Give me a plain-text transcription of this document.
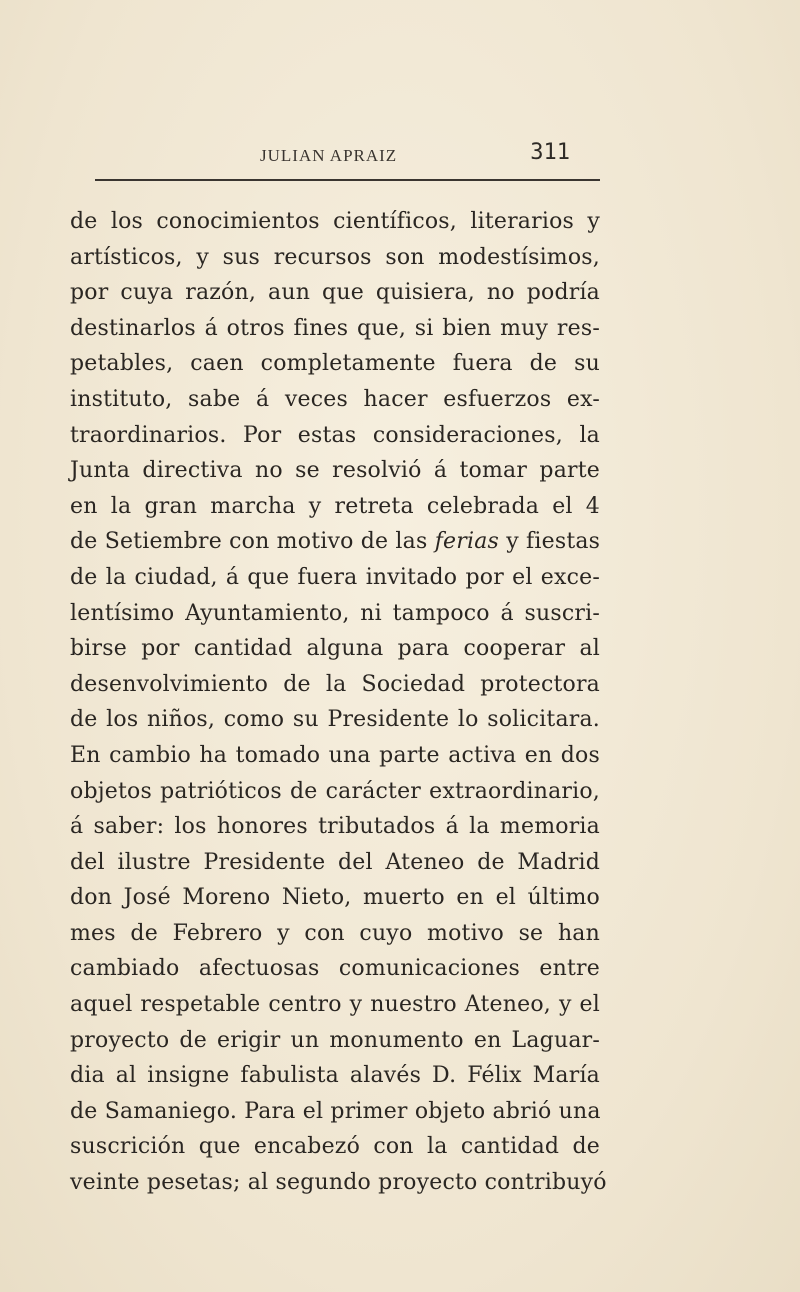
JULIAN APRAIZ	311
de los conocimientos científicos, literarios y
artísticos, y sus recursos son modestísimos,
por cuya razón, aun que quisiera, no podría
destinarlos á otros fines que, si bien muy res-
petables, caen completamente fuera de su
instituto, sabe á veces hacer esfuerzos ex-
traordinarios. Por estas consideraciones, la
Junta directiva no se resolvió á tomar parte
en la gran marcha y retreta celebrada el 4
de Setiembre con motivo de las ferias y fiestas
de la ciudad, á que fuera invitado por el exce-
lentísimo Ayuntamiento, ni tampoco á suscri-
birse por cantidad alguna para cooperar al
desenvolvimiento de la Sociedad protectora
de los niños, como su Presidente lo solicitara.
En cambio ha tomado una parte activa en dos
objetos patrióticos de carácter extraordinario,
á saber: los honores tributados á la memoria
del ilustre Presidente del Ateneo de Madrid
don José Moreno Nieto, muerto en el último
mes de Febrero y con cuyo motivo se han
cambiado afectuosas comunicaciones entre
aquel respetable centro y nuestro Ateneo, y el
proyecto de erigir un monumento en Laguar-
dia al insigne fabulista alavés D. Félix María
de Samaniego. Para el primer objeto abrió una
suscrición que encabezó con la cantidad de
veinte pesetas; al segundo proyecto contribuyó
